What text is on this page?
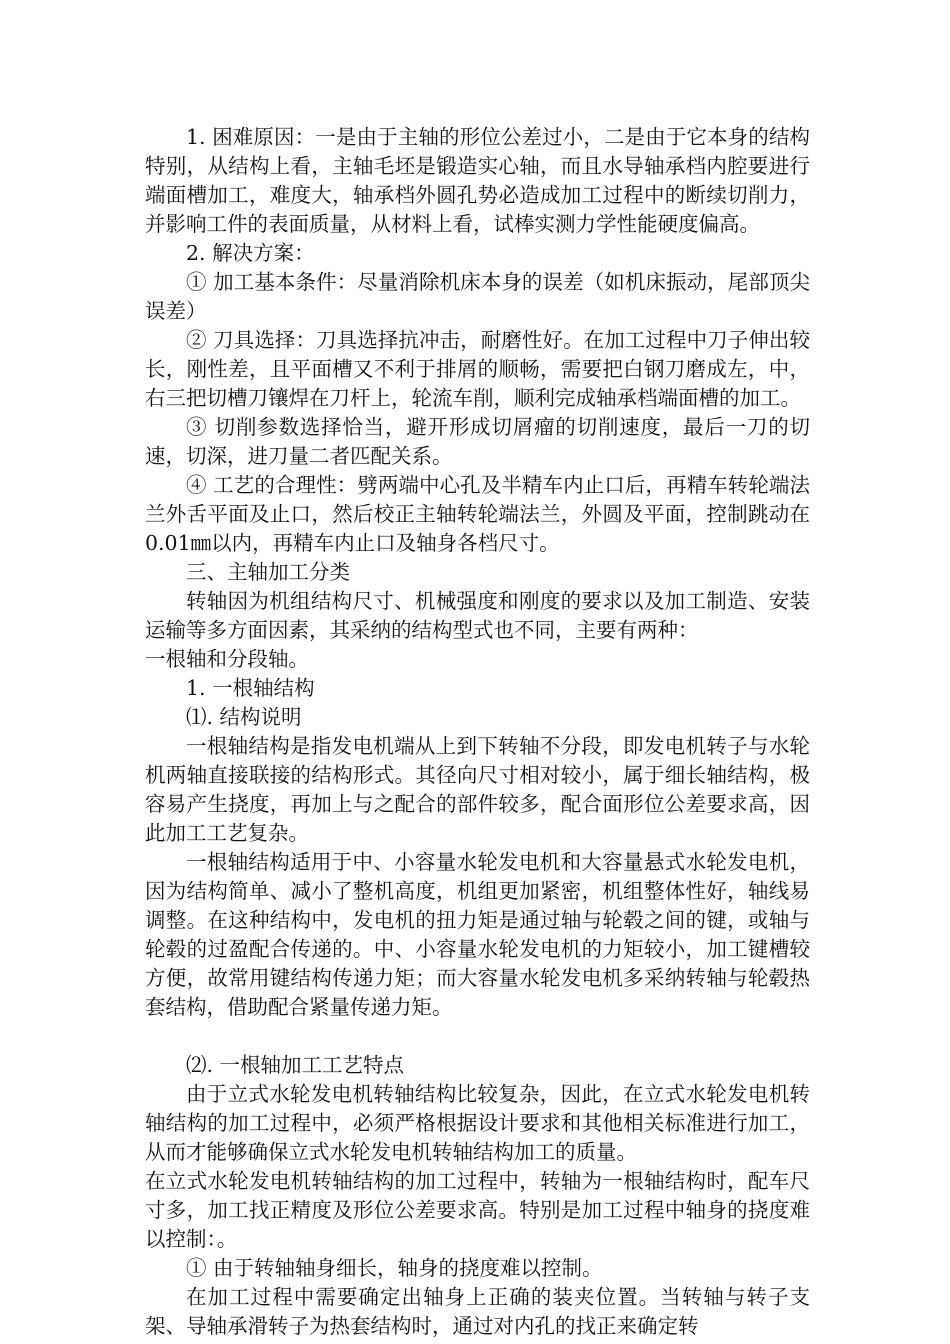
1. 困难原因：一是由于主轴的形位公差过小，二是由于它本身的结构特别，从结构上看，主轴毛坯是锻造实心轴，而且水导轴承档内腔要进行端面槽加工，难度大，轴承档外圆孔势必造成加工过程中的断续切削力，并影响工件的表面质量，从材料上看，试棒实测力学性能硬度偏高。

2. 解决方案：

① 加工基本条件：尽量消除机床本身的误差（如机床振动，尾部顶尖误差）

② 刀具选择：刀具选择抗冲击，耐磨性好。在加工过程中刀子伸出较长，刚性差，且平面槽又不利于排屑的顺畅，需要把白钢刀磨成左，中，右三把切槽刀镶焊在刀杆上，轮流车削，顺利完成轴承档端面槽的加工。

③ 切削参数选择恰当，避开形成切屑瘤的切削速度，最后一刀的切速，切深，进刀量二者匹配关系。

④ 工艺的合理性：劈两端中心孔及半精车内止口后，再精车转轮端法兰外舌平面及止口，然后校正主轴转轮端法兰，外圆及平面，控制跳动在0.01㎜以内，再精车内止口及轴身各档尺寸。

三、主轴加工分类

转轴因为机组结构尺寸、机械强度和刚度的要求以及加工制造、安装运输等多方面因素，其采纳的结构型式也不同，主要有两种：

一根轴和分段轴。

1. 一根轴结构

⑴. 结构说明

一根轴结构是指发电机端从上到下转轴不分段，即发电机转子与水轮机两轴直接联接的结构形式。其径向尺寸相对较小，属于细长轴结构，极容易产生挠度，再加上与之配合的部件较多，配合面形位公差要求高，因此加工工艺复杂。

一根轴结构适用于中、小容量水轮发电机和大容量悬式水轮发电机，因为结构简单、减小了整机高度，机组更加紧密，机组整体性好，轴线易调整。在这种结构中，发电机的扭力矩是通过轴与轮毂之间的键，或轴与轮毂的过盈配合传递的。中、小容量水轮发电机的力矩较小，加工键槽较方便，故常用键结构传递力矩；而大容量水轮发电机多采纳转轴与轮毂热套结构，借助配合紧量传递力矩。

⑵. 一根轴加工工艺特点

由于立式水轮发电机转轴结构比较复杂，因此，在立式水轮发电机转轴结构的加工过程中，必须严格根据设计要求和其他相关标准进行加工，从而才能够确保立式水轮发电机转轴结构加工的质量。

在立式水轮发电机转轴结构的加工过程中，转轴为一根轴结构时，配车尺寸多，加工找正精度及形位公差要求高。特别是加工过程中轴身的挠度难以控制：。

① 由于转轴轴身细长，轴身的挠度难以控制。

在加工过程中需要确定出轴身上正确的装夹位置。当转轴与转子支架、导轴承滑转子为热套结构时，通过对内孔的找正来确定转
